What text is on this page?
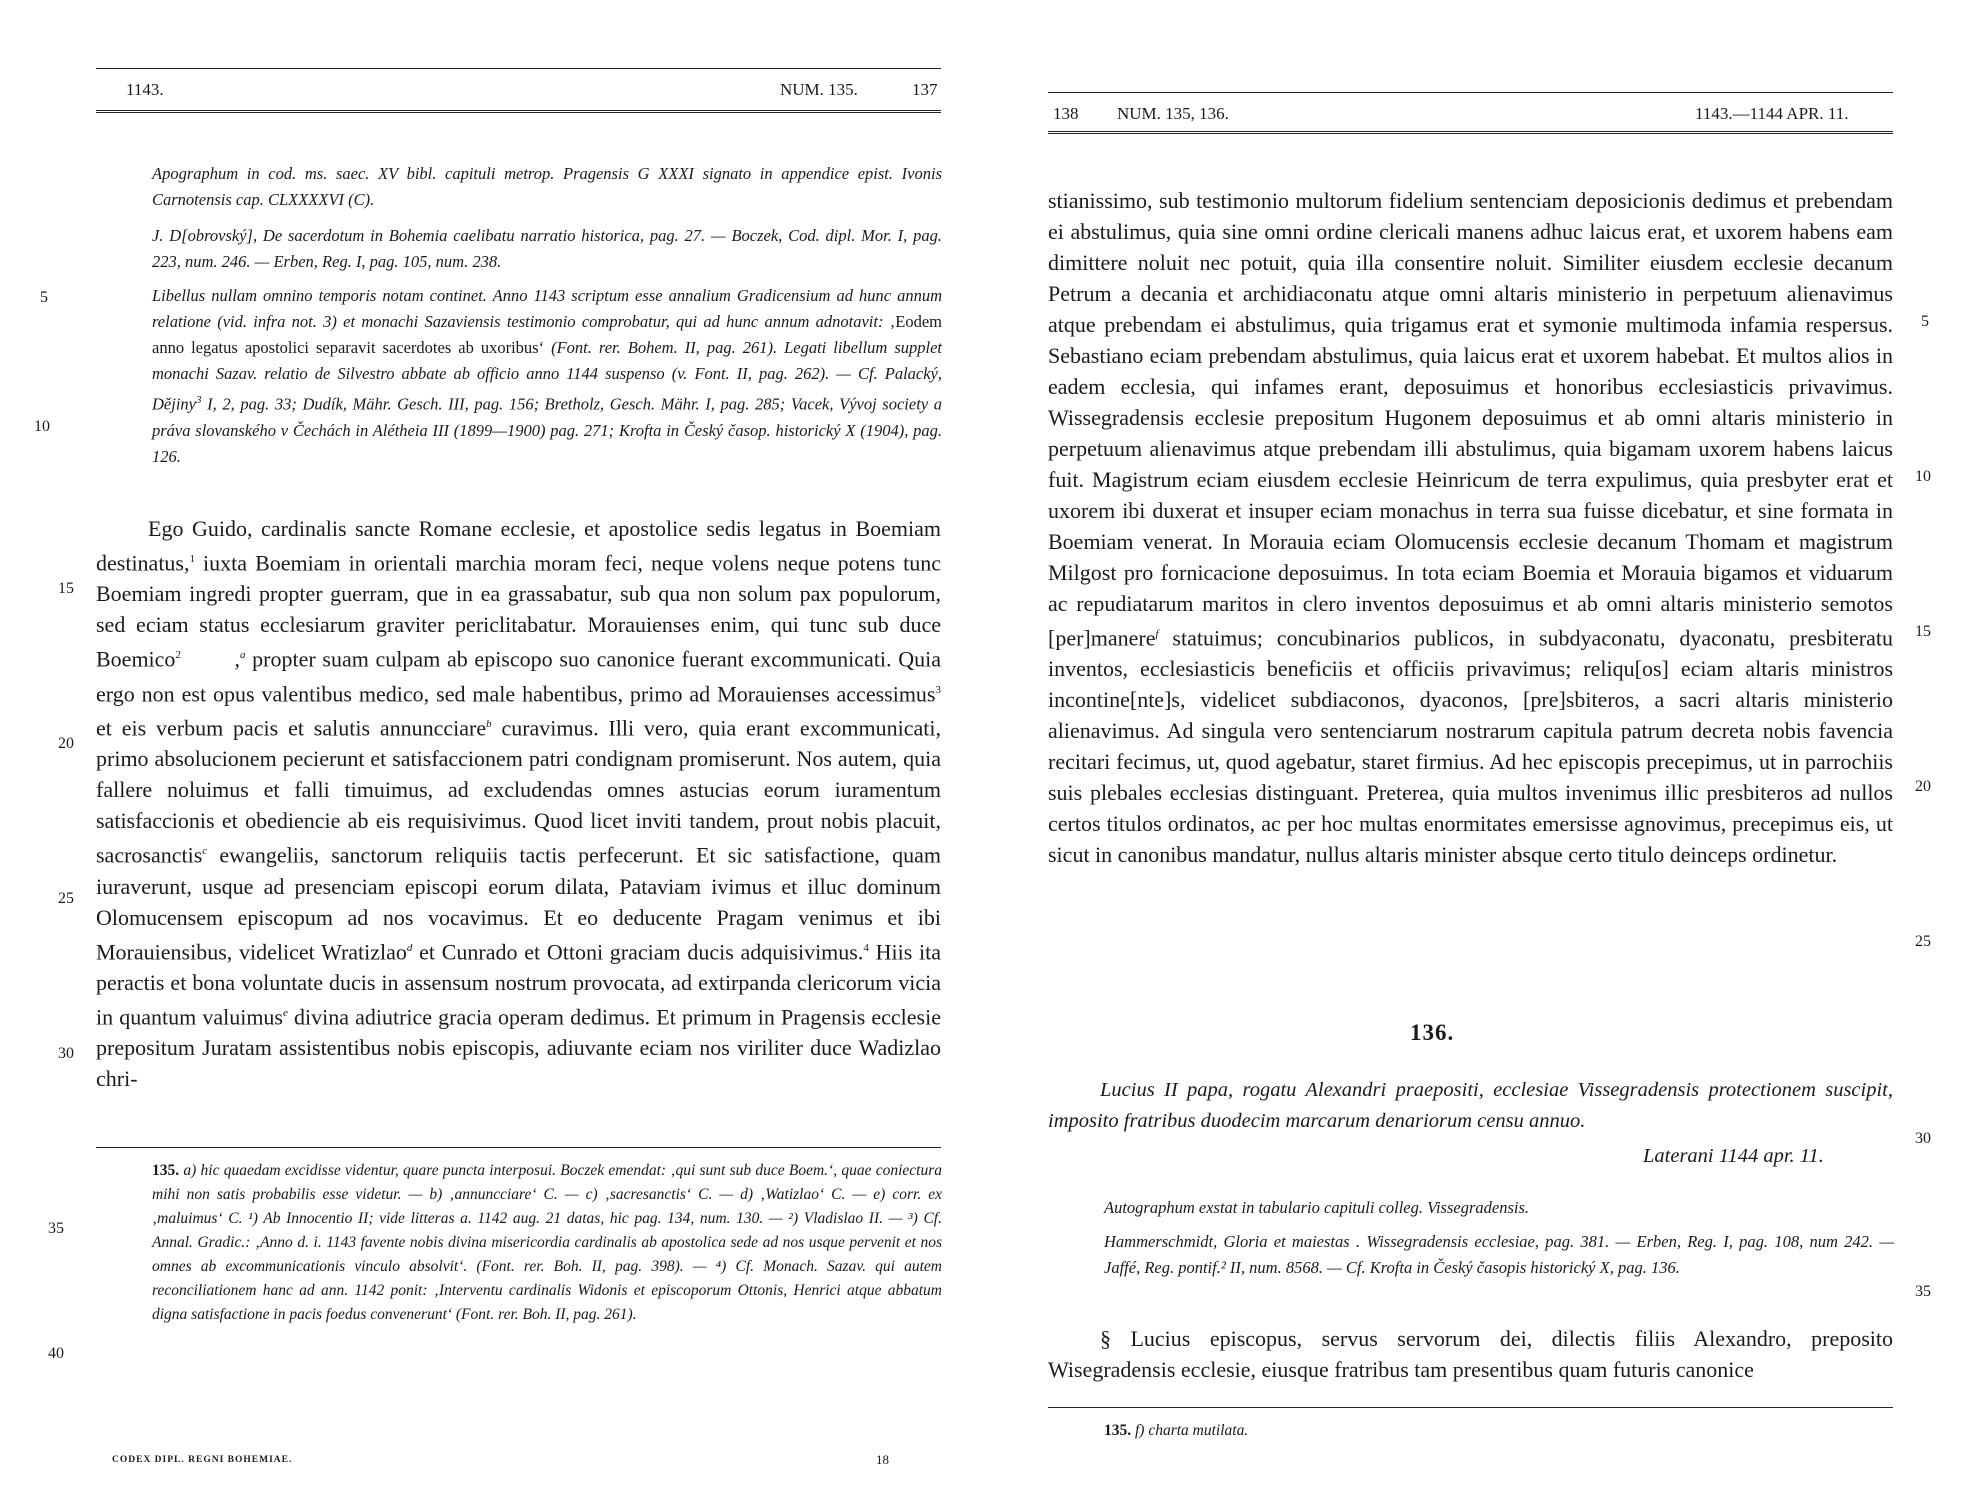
1143.	NUM. 135.	137

Apographum in cod. ms. saec. XV bibl. capituli metrop. Pragensis G XXXI signato in appendice epist. Ivonis Carnotensis cap. CLXXXXVI (C).

J. D[obrovský], De sacerdotum in Bohemia caelibatu narratio historica, pag. 27. — Boczek, Cod. dipl. Mor. I, pag. 223, num. 246. — Erben, Reg. I, pag. 105, num. 238.

Libellus nullam omnino temporis notam continet. Anno 1143 scriptum esse annalium Gradicensium ad hunc annum relatione (vid. infra not. 3) et monachi Sazaviensis testimonio comprobatur, qui ad hunc annum adnotavit: ‚Eodem anno legatus apostolici separavit sacerdotes ab uxoribus‘ (Font. rer. Bohem. II, pag. 261). Legati libellum supplet monachi Sazav. relatio de Silvestro abbate ab officio anno 1144 suspenso (v. Font. II, pag. 262). — Cf. Palacký, Dějiny$^3$ I, 2, pag. 33; Dudík, Mähr. Gesch. III, pag. 156; Bretholz, Gesch. Mähr. I, pag. 285; Vacek, Vývoj society a práva slovanského v Čechách in Alétheia III (1899—1900) pag. 271; Krofta in Český časop. historický X (1904), pag. 126.

Ego Guido, cardinalis sancte Romane ecclesie, et apostolice sedis legatus in Boemiam destinatus,$^1$ iuxta Boemiam in orientali marchia moram feci, neque volens neque potens tunc Boemiam ingredi propter guerram, que in ea grassabatur, sub qua non solum pax populorum, sed eciam status ecclesiarum graviter periclitabatur. Morauienses enim, qui tunc sub duce Boemico$^2$        ,$^a$ propter suam culpam ab episcopo suo canonice fuerant excommunicati. Quia ergo non est opus valentibus medico, sed male habentibus, primo ad Morauienses accessimus$^3$ et eis verbum pacis et salutis annuncciare$^b$ curavimus. Illi vero, quia erant excommunicati, primo absolucionem pecierunt et satisfaccionem patri condignam promiserunt. Nos autem, quia fallere noluimus et falli timuimus, ad excludendas omnes astucias eorum iuramentum satisfaccionis et obediencie ab eis requisivimus. Quod licet inviti tandem, prout nobis placuit, sacrosanctis$^c$ ewangeliis, sanctorum reliquiis tactis perfecerunt. Et sic satisfactione, quam iuraverunt, usque ad presenciam episcopi eorum dilata, Pataviam ivimus et illuc dominum Olomucensem episcopum ad nos vocavimus. Et eo deducente Pragam venimus et ibi Morauiensibus, videlicet Wratizlao$^d$ et Cunrado et Ottoni graciam ducis adquisivimus.$^4$ Hiis ita peractis et bona voluntate ducis in assensum nostrum provocata, ad extirpanda clericorum vicia in quantum valuimus$^e$ divina adiutrice gracia operam dedimus. Et primum in Pragensis ecclesie prepositum Juratam assistentibus nobis episcopis, adiuvante eciam nos viriliter duce Wadizlao chri-

135. a) hic quaedam excidisse videntur, quare puncta interposui. Boczek emendat: ‚qui sunt sub duce Boem.‘, quae coniectura mihi non satis probabilis esse videtur. — b) ‚annuncciare‘ C. — c) ‚sacresanctis‘ C. — d) ‚Watizlao‘ C. — e) corr. ex ‚maluimus‘ C. ¹) Ab Innocentio II; vide litteras a. 1142 aug. 21 datas, hic pag. 134, num. 130. — ²) Vladislao II. — ³) Cf. Annal. Gradic.: ‚Anno d. i. 1143 favente nobis divina misericordia cardinalis ab apostolica sede ad nos usque pervenit et nos omnes ab excommunicationis vinculo absolvit‘. (Font. rer. Boh. II, pag. 398). — ⁴) Cf. Monach. Sazav. qui autem reconciliationem hanc ad ann. 1142 ponit: ‚Interventu cardinalis Widonis et episcoporum Ottonis, Henrici atque abbatum digna satisfactione in pacis foedus convenerunt‘ (Font. rer. Boh. II, pag. 261).

CODEX DIPL. REGNI BOHEMIAE.	18
5
10
15
20
25
30
35
40
138 NUM. 135, 136.	1143.—1144 APR. 11.

stianissimo, sub testimonio multorum fidelium sentenciam deposicionis dedimus et prebendam ei abstulimus, quia sine omni ordine clericali manens adhuc laicus erat, et uxorem habens eam dimittere noluit nec potuit, quia illa consentire noluit. Similiter eiusdem ecclesie decanum Petrum a decania et archidiaconatu atque omni altaris ministerio in perpetuum alienavimus atque prebendam ei abstulimus, quia trigamus erat et symonie multimoda infamia respersus. Sebastiano eciam prebendam abstulimus, quia laicus erat et uxorem habebat. Et multos alios in eadem ecclesia, qui infames erant, deposuimus et honoribus ecclesiasticis privavimus. Wissegradensis ecclesie prepositum Hugonem deposuimus et ab omni altaris ministerio in perpetuum alienavimus atque prebendam illi abstulimus, quia bigamam uxorem habens laicus fuit. Magistrum eciam eiusdem ecclesie Heinricum de terra expulimus, quia presbyter erat et uxorem ibi duxerat et insuper eciam monachus in terra sua fuisse dicebatur, et sine formata in Boemiam venerat. In Morauia eciam Olomucensis ecclesie decanum Thomam et magistrum Milgost pro fornicacione deposuimus. In tota eciam Boemia et Morauia bigamos et viduarum ac repudiatarum maritos in clero inventos deposuimus et ab omni altaris ministerio semotos [per]manere$^f$ statuimus; concubinarios publicos, in subdyaconatu, dyaconatu, presbiteratu inventos, ecclesiasticis beneficiis et officiis privavimus; reliqu[os] eciam altaris ministros incontine[nte]s, videlicet subdiaconos, dyaconos, [pre]sbiteros, a sacri altaris ministerio alienavimus. Ad singula vero sentenciarum nostrarum capitula patrum decreta nobis favencia recitari fecimus, ut, quod agebatur, staret firmius. Ad hec episcopis precepimus, ut in parrochiis suis plebales ecclesias distinguant. Preterea, quia multos invenimus illic presbiteros ad nullos certos titulos ordinatos, ac per hoc multas enormitates emersisse agnovimus, precepimus eis, ut sicut in canonibus mandatur, nullus altaris minister absque certo titulo deinceps ordinetur.

136.

Lucius II papa, rogatu Alexandri praepositi, ecclesiae Vissegradensis protectionem suscipit, imposito fratribus duodecim marcarum denariorum censu annuo.

Laterani 1144 apr. 11.

Autographum exstat in tabulario capituli colleg. Vissegradensis.

Hammerschmidt, Gloria et maiestas . Wissegradensis ecclesiae, pag. 381. — Erben, Reg. I, pag. 108, num 242. — Jaffé, Reg. pontif.² II, num. 8568. — Cf. Krofta in Český časopis historický X, pag. 136.

§ Lucius episcopus, servus servorum dei, dilectis filiis Alexandro, preposito Wisegradensis ecclesie, eiusque fratribus tam presentibus quam futuris canonice

135. f) charta mutilata.

5
10
15
20
25
30
35
